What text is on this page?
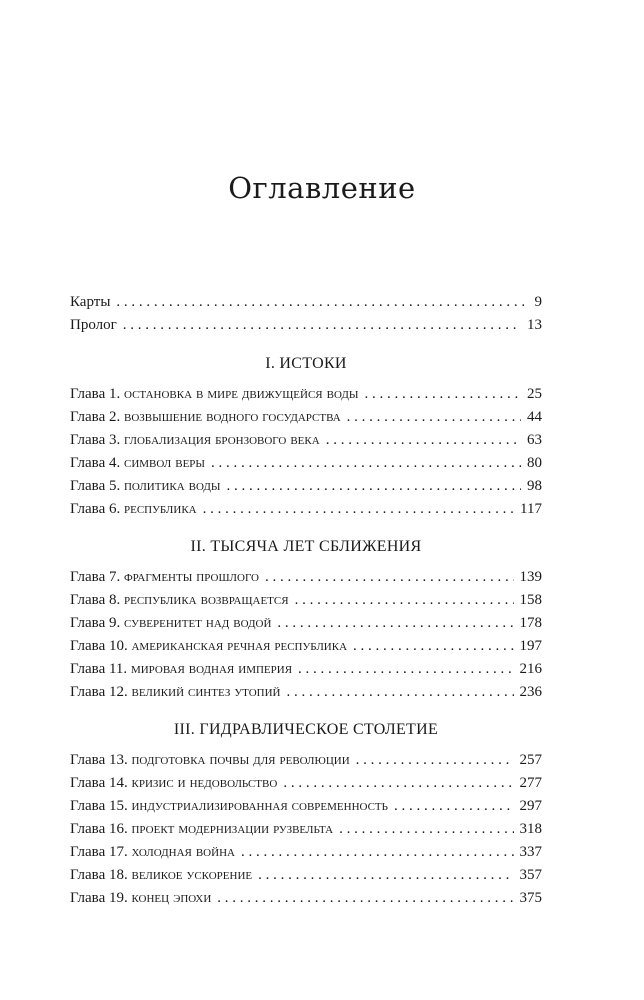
Оглавление
Карты . . .	9
Пролог . . .	13
I. ИСТОКИ
Глава 1. остановка в мире движущейся воды . . .	25
Глава 2. возвышение водного государства . . .	44
Глава 3. глобализация бронзового века . . .	63
Глава 4. символ веры . . .	80
Глава 5. политика воды . . .	98
Глава 6. республика . . .	117
II. ТЫСЯЧА ЛЕТ СБЛИЖЕНИЯ
Глава 7. фрагменты прошлого . . .	139
Глава 8. республика возвращается . . .	158
Глава 9. суверенитет над водой . . .	178
Глава 10. американская речная республика . . .	197
Глава 11. мировая водная империя . . .	216
Глава 12. великий синтез утопий . . .	236
III. ГИДРАВЛИЧЕСКОЕ СТОЛЕТИЕ
Глава 13. подготовка почвы для революции . . .	257
Глава 14. кризис и недовольство . . .	277
Глава 15. индустриализированная современность . . .	297
Глава 16. проект модернизации рузвельта . . .	318
Глава 17. холодная война . . .	337
Глава 18. великое ускорение . . .	357
Глава 19. конец эпохи . . .	375
